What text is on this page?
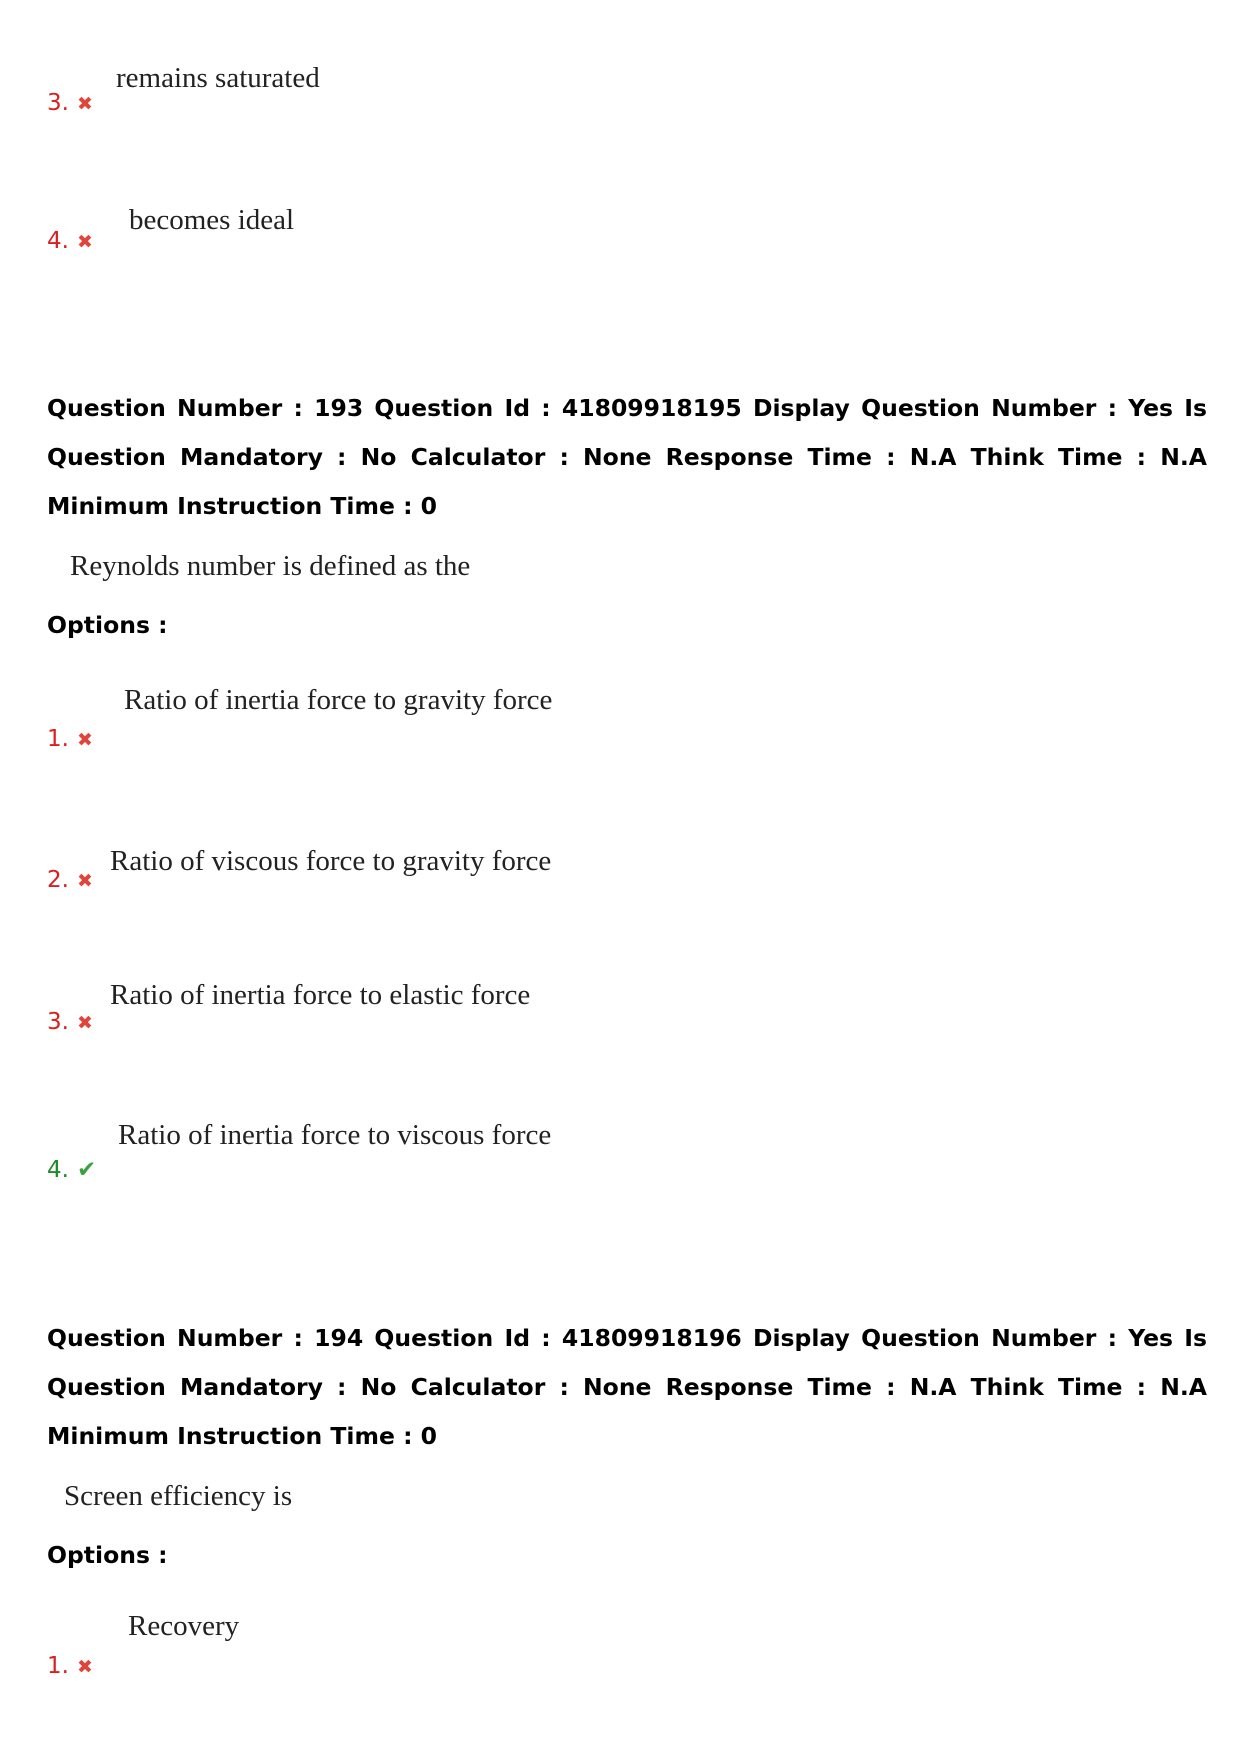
remains saturated
3. ✖
becomes ideal
4. ✖
Question Number : 193 Question Id : 41809918195 Display Question Number : Yes Is Question Mandatory : No Calculator : None Response Time : N.A Think Time : N.A Minimum Instruction Time : 0
Reynolds number is defined as the
Options :
Ratio of inertia force to gravity force
1. ✖
Ratio of viscous force to gravity force
2. ✖
Ratio of inertia force to elastic force
3. ✖
Ratio of inertia force to viscous force
4. ✔
Question Number : 194 Question Id : 41809918196 Display Question Number : Yes Is Question Mandatory : No Calculator : None Response Time : N.A Think Time : N.A Minimum Instruction Time : 0
Screen efficiency is
Options :
Recovery
1. ✖
